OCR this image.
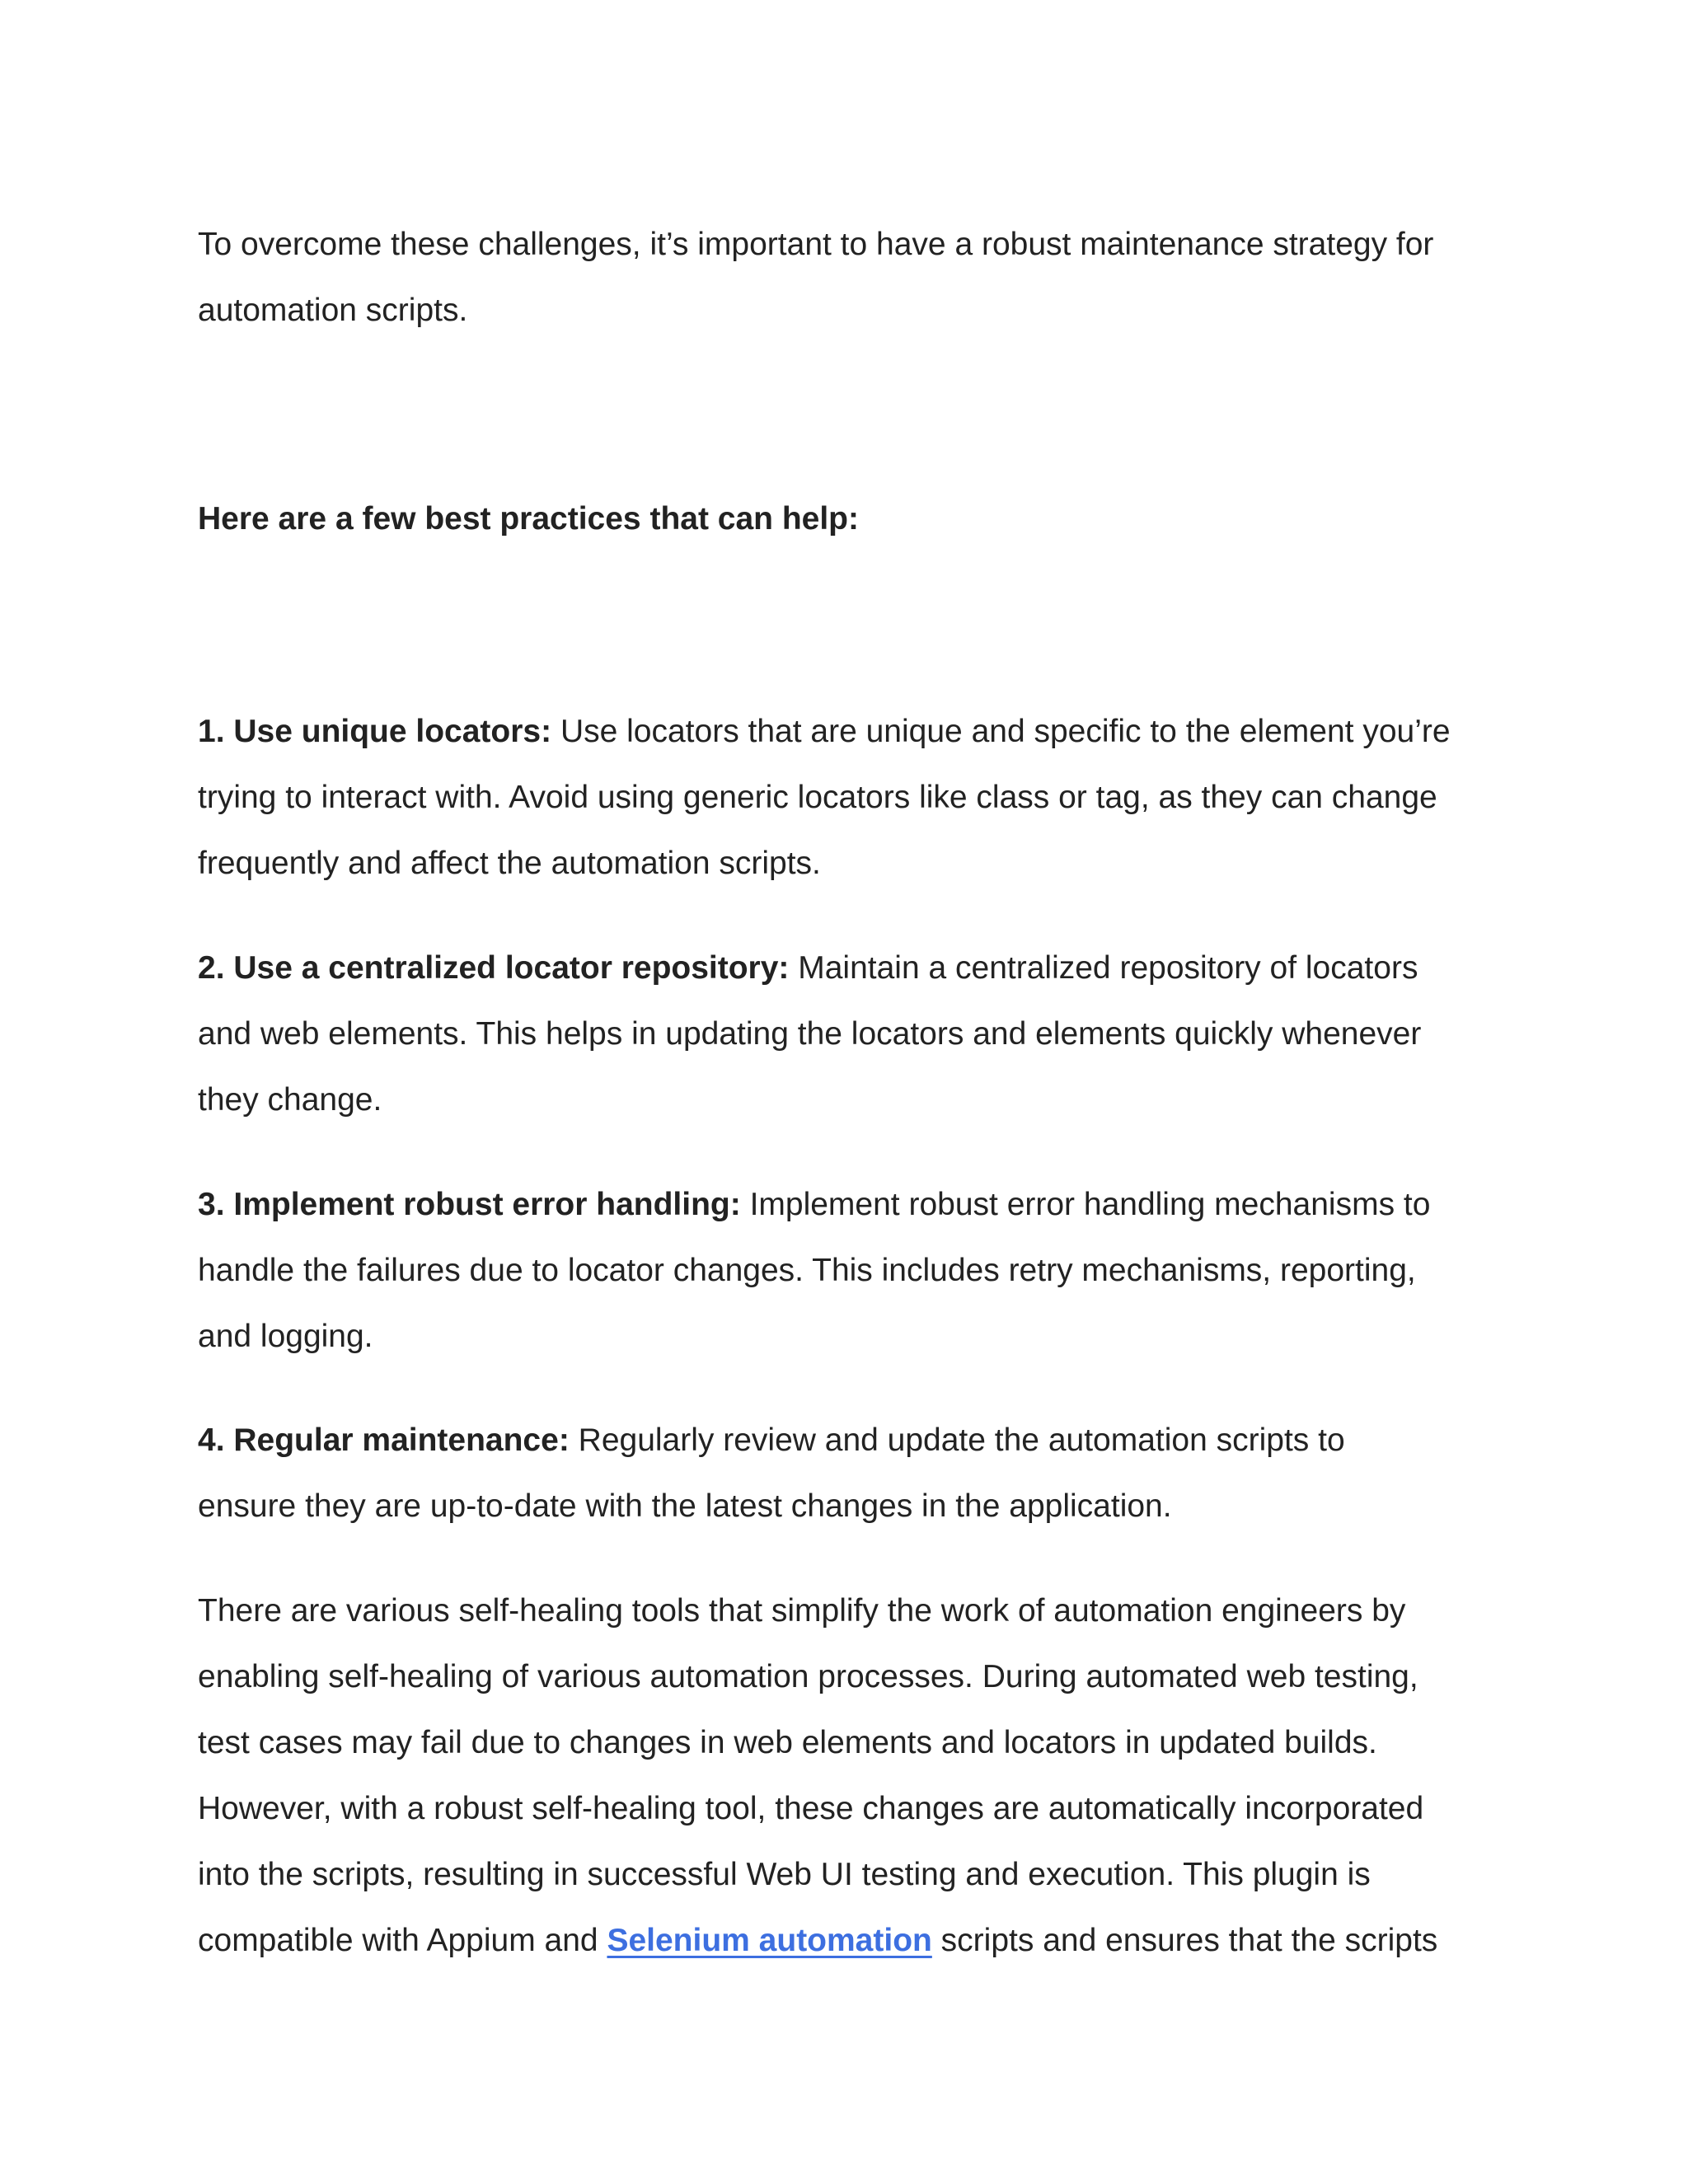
To overcome these challenges, it’s important to have a robust maintenance strategy for
automation scripts.

Here are a few best practices that can help:

1. Use unique locators: Use locators that are unique and specific to the element you’re
trying to interact with. Avoid using generic locators like class or tag, as they can change
frequently and affect the automation scripts.

2. Use a centralized locator repository: Maintain a centralized repository of locators
and web elements. This helps in updating the locators and elements quickly whenever
they change.

3. Implement robust error handling: Implement robust error handling mechanisms to
handle the failures due to locator changes. This includes retry mechanisms, reporting,
and logging.

4. Regular maintenance: Regularly review and update the automation scripts to
ensure they are up-to-date with the latest changes in the application.

There are various self-healing tools that simplify the work of automation engineers by
enabling self-healing of various automation processes. During automated web testing,
test cases may fail due to changes in web elements and locators in updated builds.
However, with a robust self-healing tool, these changes are automatically incorporated
into the scripts, resulting in successful Web UI testing and execution. This plugin is
compatible with Appium and Selenium automation scripts and ensures that the scripts
